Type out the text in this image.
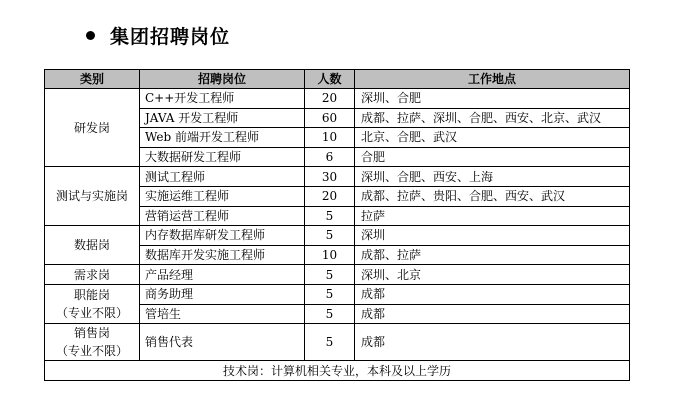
集团招聘岗位
类别	招聘岗位	人数	工作地点

研发岗	C++开发工程师	20	深圳、合肥
	JAVA 开发工程师	60	成都、拉萨、深圳、合肥、西安、北京、武汉
	Web 前端开发工程师	10	北京、合肥、武汉
	大数据研发工程师	6	合肥

测试与实施岗	测试工程师	30	深圳、合肥、西安、上海
	实施运维工程师	20	成都、拉萨、贵阳、合肥、西安、武汉
	营销运营工程师	5	拉萨

数据岗	内存数据库研发工程师	5	深圳
	数据库开发实施工程师	10	成都、拉萨

需求岗	产品经理	5	深圳、北京

职能岗
（专业不限）	商务助理	5	成都
	管培生	5	成都

销售岗
（专业不限）	销售代表	5	成都
技术岗：计算机相关专业，本科及以上学历			
